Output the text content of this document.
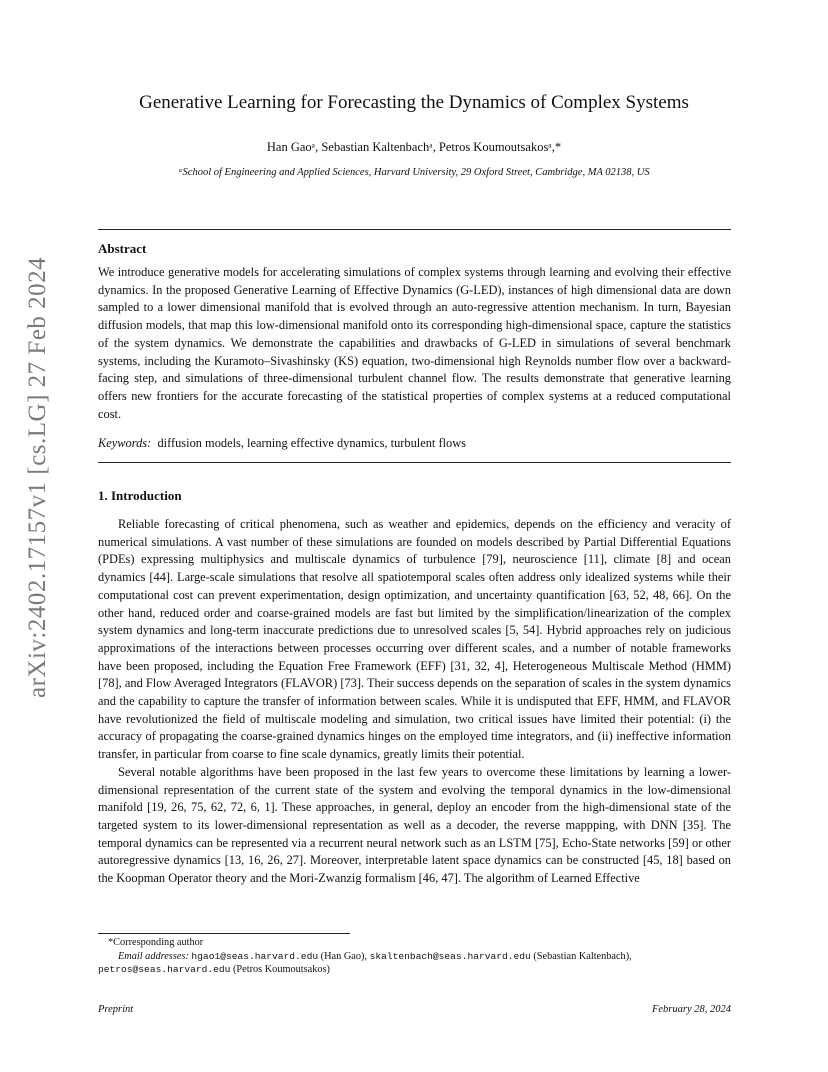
arXiv:2402.17157v1 [cs.LG] 27 Feb 2024
Generative Learning for Forecasting the Dynamics of Complex Systems
Han Gaoᵃ, Sebastian Kaltenbachᵃ, Petros Koumoutsakosᵃ,*
ᵃSchool of Engineering and Applied Sciences, Harvard University, 29 Oxford Street, Cambridge, MA 02138, US
Abstract
We introduce generative models for accelerating simulations of complex systems through learning and evolving their effective dynamics. In the proposed Generative Learning of Effective Dynamics (G-LED), instances of high dimensional data are down sampled to a lower dimensional manifold that is evolved through an auto-regressive attention mechanism. In turn, Bayesian diffusion models, that map this low-dimensional manifold onto its corresponding high-dimensional space, capture the statistics of the system dynamics. We demonstrate the capabilities and drawbacks of G-LED in simulations of several benchmark systems, including the Kuramoto–Sivashinsky (KS) equation, two-dimensional high Reynolds number flow over a backward-facing step, and simulations of three-dimensional turbulent channel flow. The results demonstrate that generative learning offers new frontiers for the accurate forecasting of the statistical properties of complex systems at a reduced computational cost.
Keywords: diffusion models, learning effective dynamics, turbulent flows
1. Introduction

Reliable forecasting of critical phenomena, such as weather and epidemics, depends on the efficiency and veracity of numerical simulations. A vast number of these simulations are founded on models described by Partial Differential Equations (PDEs) expressing multiphysics and multiscale dynamics of turbulence [79], neuroscience [11], climate [8] and ocean dynamics [44]. Large-scale simulations that resolve all spatiotemporal scales often address only idealized systems while their computational cost can prevent experimentation, design optimization, and uncertainty quantification [63, 52, 48, 66]. On the other hand, reduced order and coarse-grained models are fast but limited by the simplification/linearization of the complex system dynamics and long-term inaccurate predictions due to unresolved scales [5, 54]. Hybrid approaches rely on judicious approximations of the interactions between processes occurring over different scales, and a number of notable frameworks have been proposed, including the Equation Free Framework (EFF) [31, 32, 4], Heterogeneous Multiscale Method (HMM) [78], and Flow Averaged Integrators (FLAVOR) [73]. Their success depends on the separation of scales in the system dynamics and the capability to capture the transfer of information between scales. While it is undisputed that EFF, HMM, and FLAVOR have revolutionized the field of multiscale modeling and simulation, two critical issues have limited their potential: (i) the accuracy of propagating the coarse-grained dynamics hinges on the employed time integrators, and (ii) ineffective information transfer, in particular from coarse to fine scale dynamics, greatly limits their potential.

Several notable algorithms have been proposed in the last few years to overcome these limitations by learning a lower-dimensional representation of the current state of the system and evolving the temporal dynamics in the low-dimensional manifold [19, 26, 75, 62, 72, 6, 1]. These approaches, in general, deploy an encoder from the high-dimensional state of the targeted system to its lower-dimensional representation as well as a decoder, the reverse mappping, with DNN [35]. The temporal dynamics can be represented via a recurrent neural network such as an LSTM [75], Echo-State networks [59] or other autoregressive dynamics [13, 16, 26, 27]. Moreover, interpretable latent space dynamics can be constructed [45, 18] based on the Koopman Operator theory and the Mori-Zwanzig formalism [46, 47]. The algorithm of Learned Effective

*Corresponding author
Email addresses: hgao1@seas.harvard.edu (Han Gao), skaltenbach@seas.harvard.edu (Sebastian Kaltenbach),
petros@seas.harvard.edu (Petros Koumoutsakos)
Preprint	February 28, 2024
